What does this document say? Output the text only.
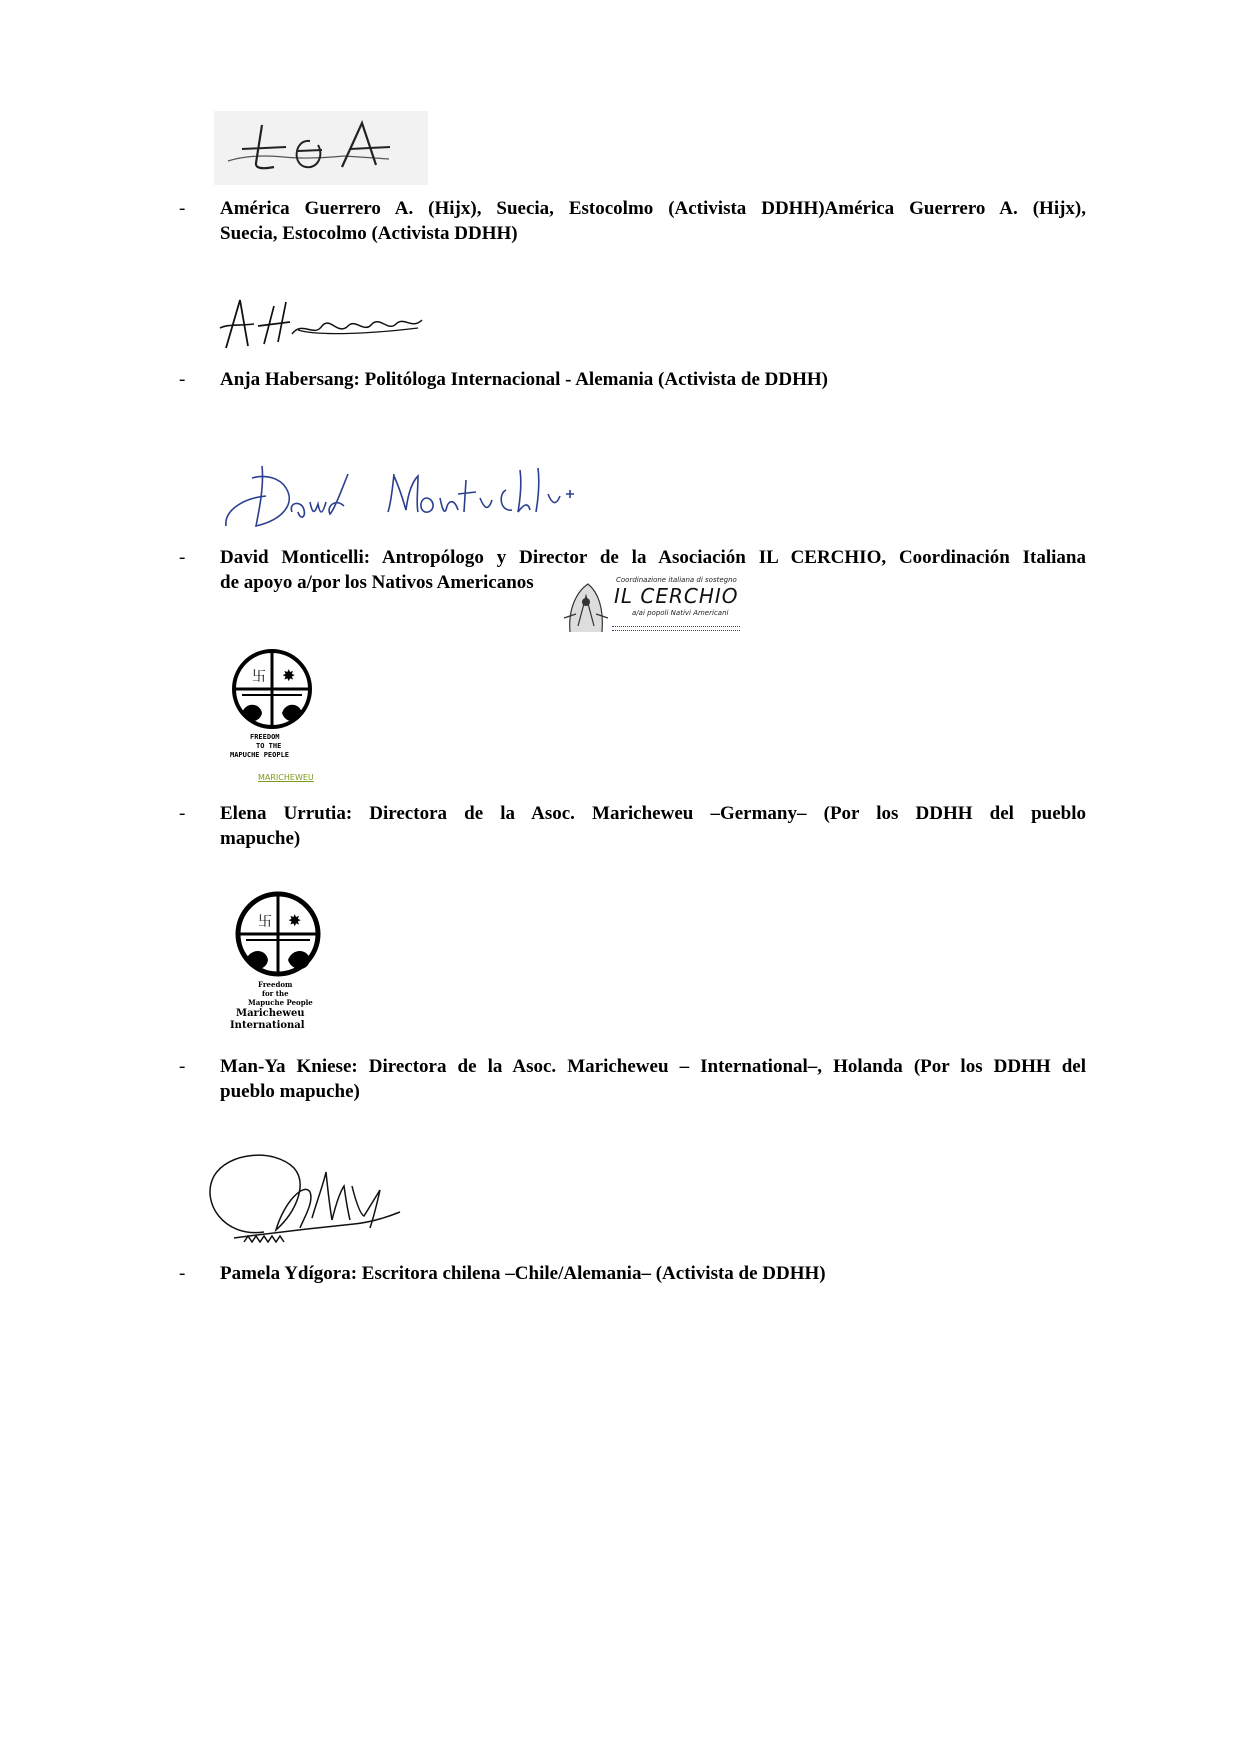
- América Guerrero A. (Hijx), Suecia, Estocolmo (Activista DDHH)América Guerrero A. (Hijx),
Suecia, Estocolmo (Activista DDHH)
- Anja Habersang: Politóloga Internacional - Alemania (Activista de DDHH)
- David Monticelli: Antropólogo y Director de la Asociación IL CERCHIO, Coordinación Italiana
de apoyo a/por los Nativos Americanos	Coordinazione italiana di sostegno
IL CERCHIO
a/ai popoli Nativi Americani
卐 ✸
FREEDOM
TO THE
MAPUCHE PEOPLE
MARICHEWEU
- Elena Urrutia: Directora de la Asoc. Maricheweu –Germany– (Por los DDHH del pueblo
mapuche)
卐 ✸
Freedom
for the
Mapuche People
Maricheweu
International
- Man-Ya Kniese: Directora de la Asoc. Maricheweu – International–, Holanda (Por los DDHH del
pueblo mapuche)
- Pamela Ydígora: Escritora chilena –Chile/Alemania– (Activista de DDHH)
